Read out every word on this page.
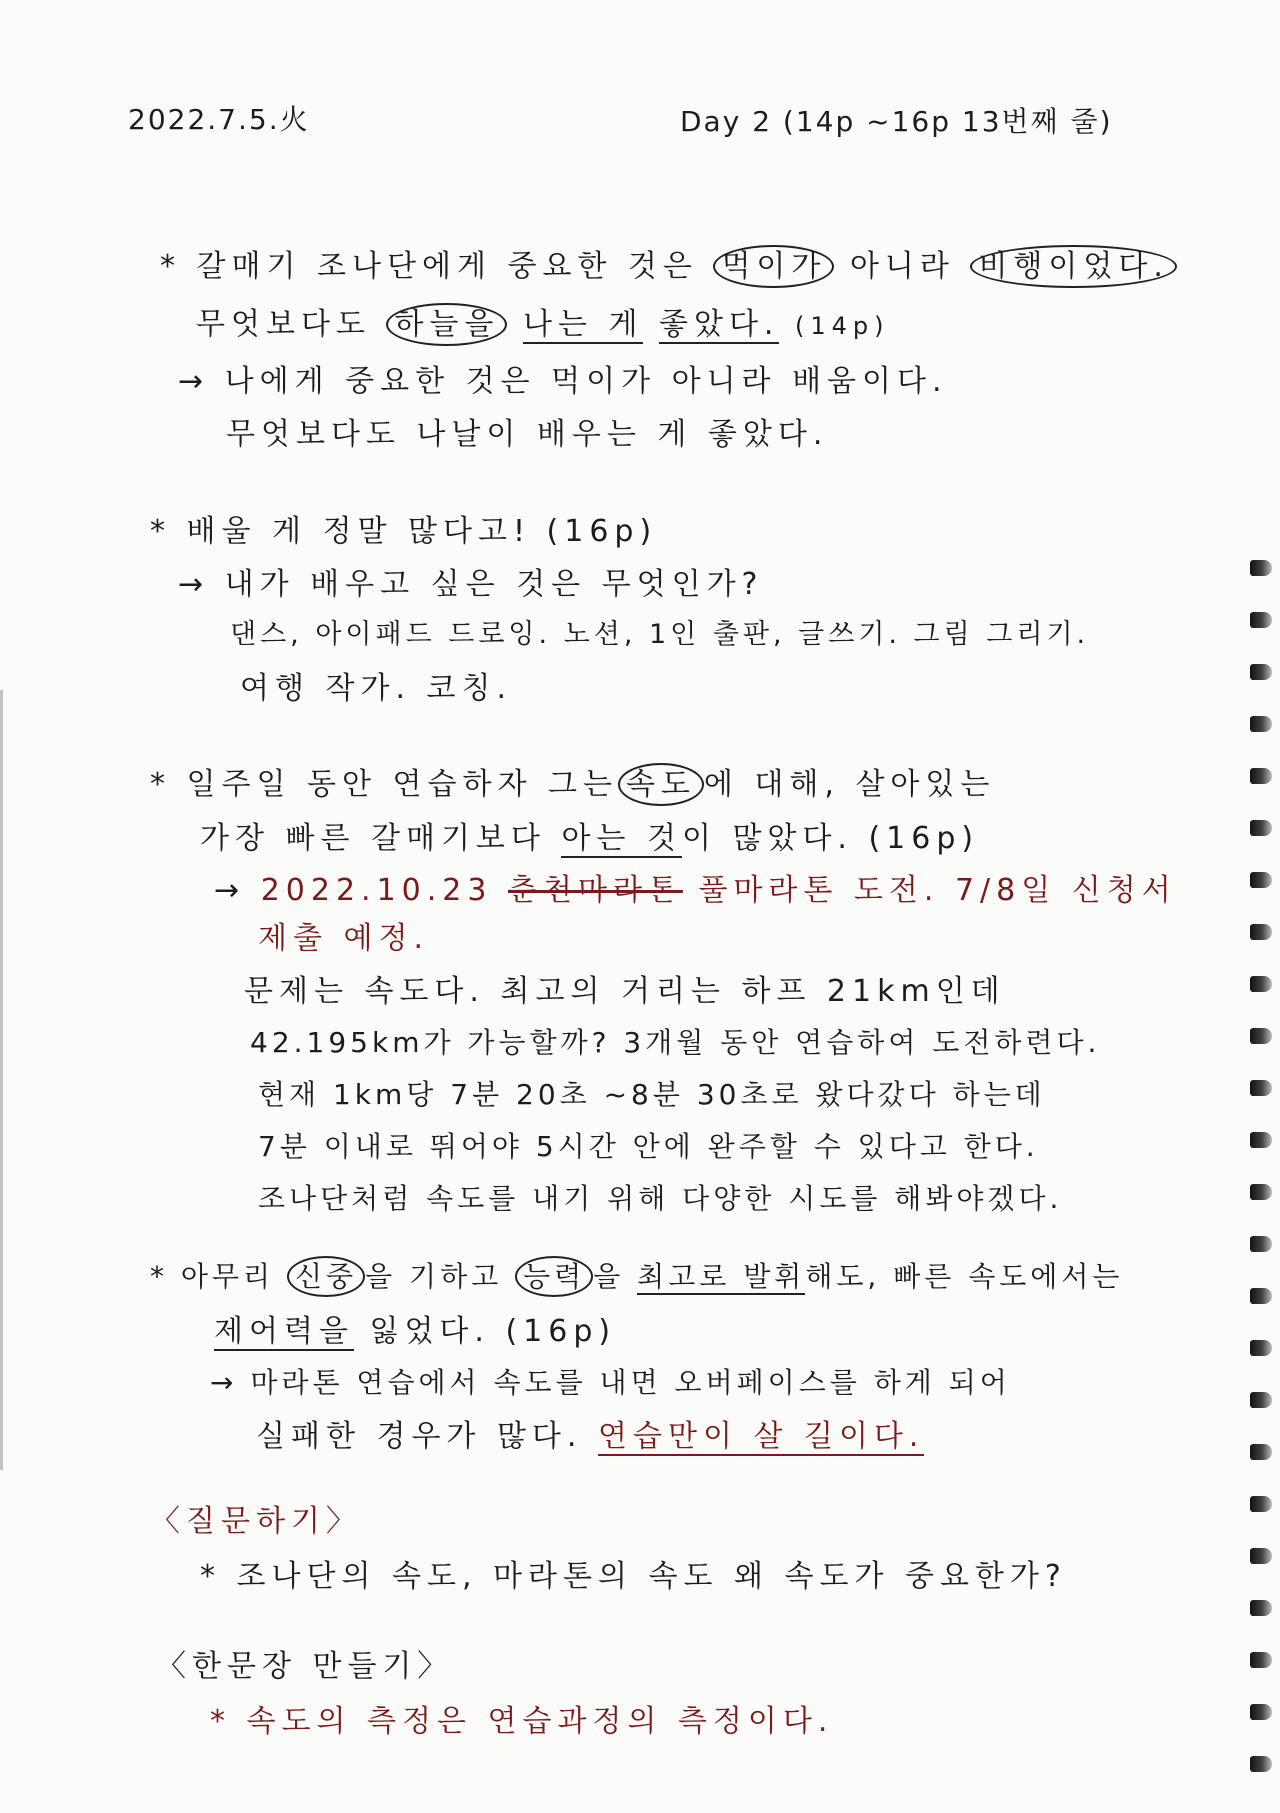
2022.7.5.火	Day 2 (14p ~16p 13번째 줄)
* 갈매기 조나단에게 중요한 것은 먹이가 아니라 비행이었다.
무엇보다도 하늘을 나는 게 좋았다. (14p)
→ 나에게 중요한 것은 먹이가 아니라 배움이다.
무엇보다도 나날이 배우는 게 좋았다.
* 배울 게 정말 많다고! (16p)
→ 내가 배우고 싶은 것은 무엇인가?
댄스, 아이패드 드로잉. 노션, 1인 출판, 글쓰기. 그림 그리기.
여행 작가. 코칭.
* 일주일 동안 연습하자 그는 속도 에 대해, 살아있는
가장 빠른 갈매기보다 아는 것이 많았다. (16p)
→ 2022.10.23 춘천마라톤 풀마라톤 도전. 7/8일 신청서
제출 예정.
문제는 속도다. 최고의 거리는 하프 21km인데
42.195km가 가능할까? 3개월 동안 연습하여 도전하련다.
현재 1km당 7분 20초 ~8분 30초로 왔다갔다 하는데
7분 이내로 뛰어야 5시간 안에 완주할 수 있다고 한다.
조나단처럼 속도를 내기 위해 다양한 시도를 해봐야겠다.
* 아무리 신중 을 기하고 능력 을 최고로 발휘해도, 빠른 속도에서는
제어력을 잃었다. (16p)
→ 마라톤 연습에서 속도를 내면 오버페이스를 하게 되어
실패한 경우가 많다. 연습만이 살 길이다.
〈질문하기〉
* 조나단의 속도, 마라톤의 속도 왜 속도가 중요한가?
〈한문장 만들기〉
* 속도의 측정은 연습과정의 측정이다.
